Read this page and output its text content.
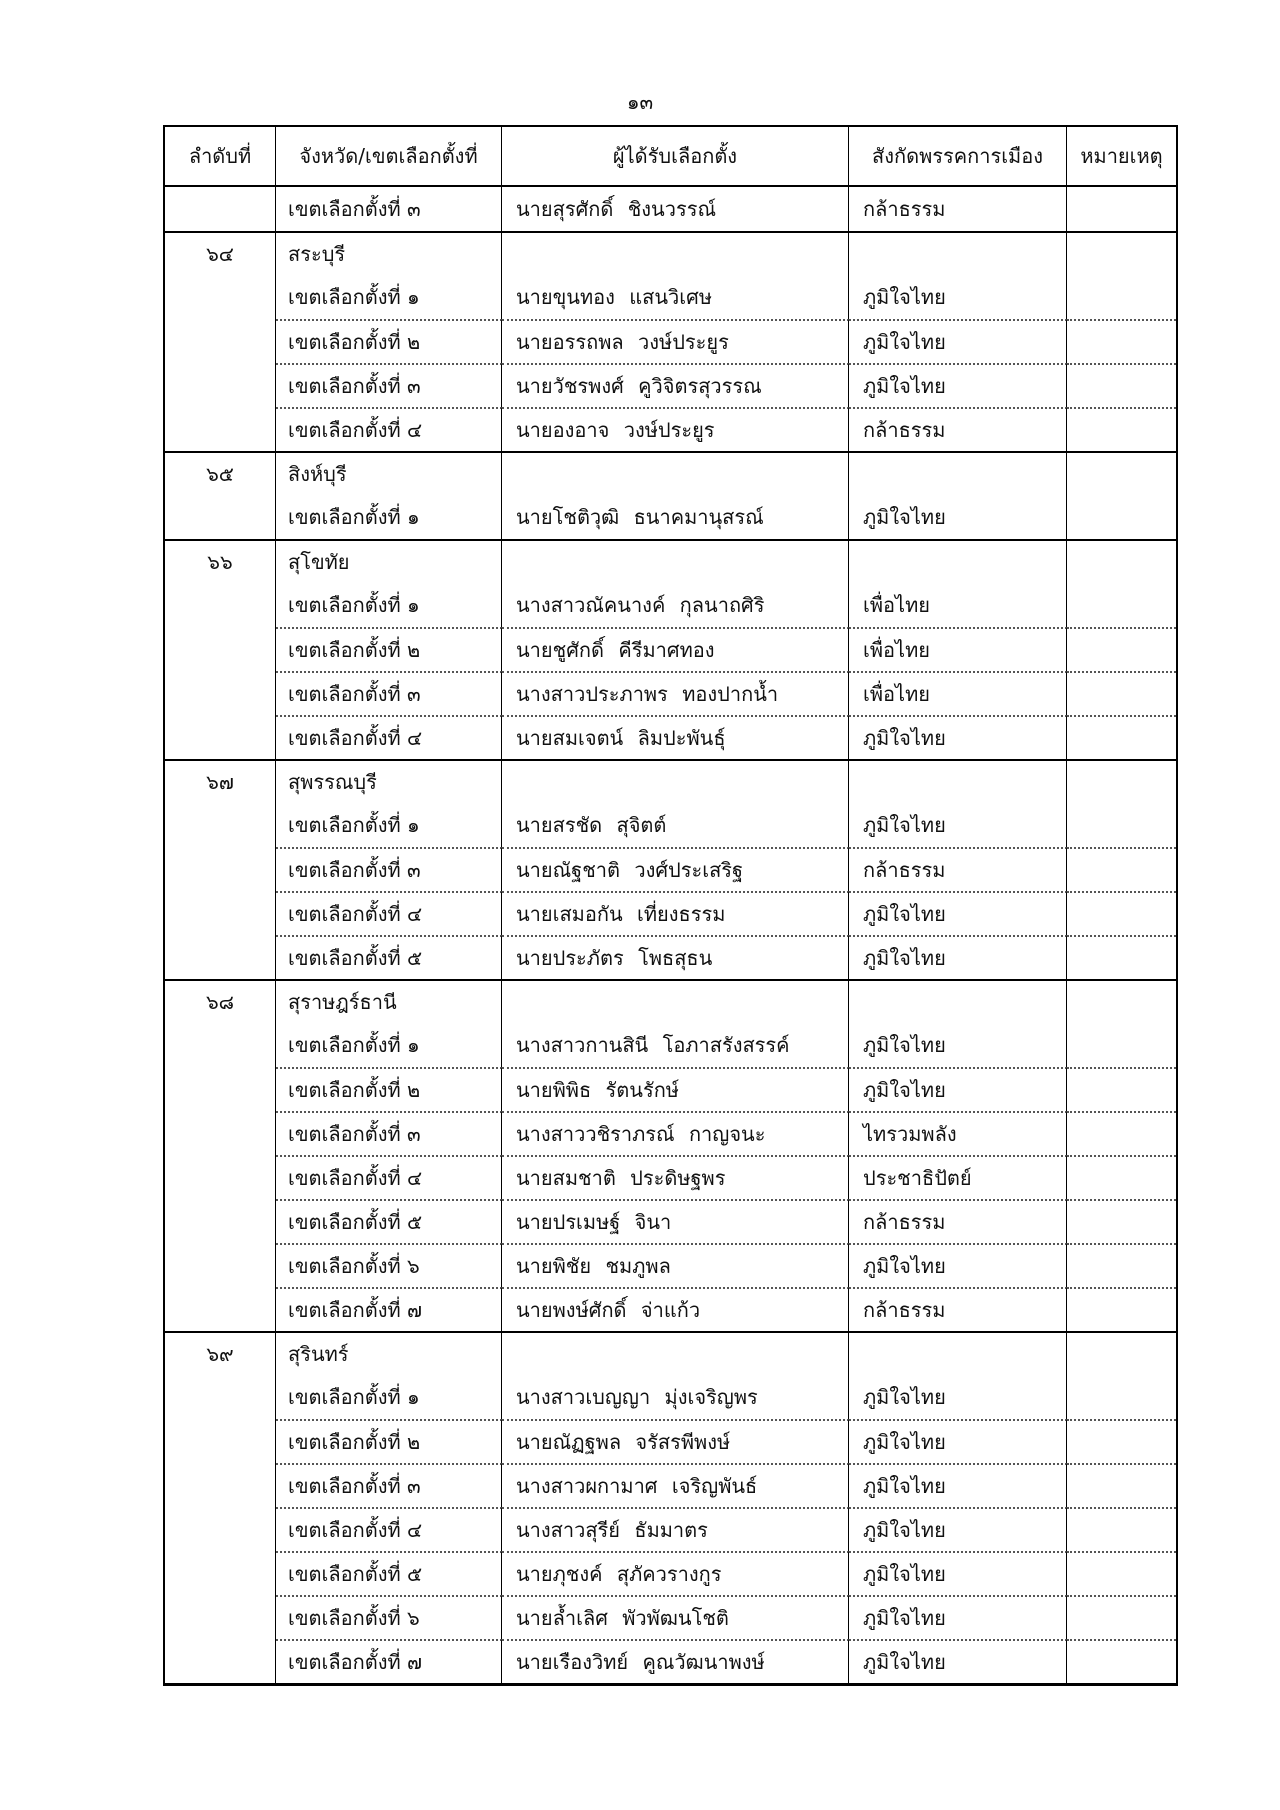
๑๓
ลำดับที่	จังหวัด/เขตเลือกตั้งที่	ผู้ได้รับเลือกตั้ง	สังกัดพรรคการเมือง	หมายเหตุ
เขตเลือกตั้งที่ ๓	นายสุรศักดิ์ ชิงนวรรณ์	กล้าธรรม
๖๔	สระบุรี
เขตเลือกตั้งที่ ๑	นายขุนทอง แสนวิเศษ	ภูมิใจไทย
เขตเลือกตั้งที่ ๒	นายอรรถพล วงษ์ประยูร	ภูมิใจไทย
เขตเลือกตั้งที่ ๓	นายวัชรพงศ์ คูวิจิตรสุวรรณ	ภูมิใจไทย
เขตเลือกตั้งที่ ๔	นายองอาจ วงษ์ประยูร	กล้าธรรม
๖๕	สิงห์บุรี
เขตเลือกตั้งที่ ๑	นายโชติวุฒิ ธนาคมานุสรณ์	ภูมิใจไทย
๖๖	สุโขทัย
เขตเลือกตั้งที่ ๑	นางสาวณัคนางค์ กุลนาถศิริ	เพื่อไทย
เขตเลือกตั้งที่ ๒	นายชูศักดิ์ คีรีมาศทอง	เพื่อไทย
เขตเลือกตั้งที่ ๓	นางสาวประภาพร ทองปากน้ำ	เพื่อไทย
เขตเลือกตั้งที่ ๔	นายสมเจตน์ ลิมปะพันธุ์	ภูมิใจไทย
๖๗	สุพรรณบุรี
เขตเลือกตั้งที่ ๑	นายสรชัด สุจิตต์	ภูมิใจไทย
เขตเลือกตั้งที่ ๓	นายณัฐชาติ วงศ์ประเสริฐ	กล้าธรรม
เขตเลือกตั้งที่ ๔	นายเสมอกัน เที่ยงธรรม	ภูมิใจไทย
เขตเลือกตั้งที่ ๕	นายประภัตร โพธสุธน	ภูมิใจไทย
๖๘	สุราษฎร์ธานี
เขตเลือกตั้งที่ ๑	นางสาวกานสินี โอภาสรังสรรค์	ภูมิใจไทย
เขตเลือกตั้งที่ ๒	นายพิพิธ รัตนรักษ์	ภูมิใจไทย
เขตเลือกตั้งที่ ๓	นางสาววชิราภรณ์ กาญจนะ	ไทรวมพลัง
เขตเลือกตั้งที่ ๔	นายสมชาติ ประดิษฐพร	ประชาธิปัตย์
เขตเลือกตั้งที่ ๕	นายปรเมษฐ์ จินา	กล้าธรรม
เขตเลือกตั้งที่ ๖	นายพิชัย ชมภูพล	ภูมิใจไทย
เขตเลือกตั้งที่ ๗	นายพงษ์ศักดิ์ จ่าแก้ว	กล้าธรรม
๖๙	สุรินทร์
เขตเลือกตั้งที่ ๑	นางสาวเบญญา มุ่งเจริญพร	ภูมิใจไทย
เขตเลือกตั้งที่ ๒	นายณัฏฐพล จรัสรพีพงษ์	ภูมิใจไทย
เขตเลือกตั้งที่ ๓	นางสาวผกามาศ เจริญพันธ์	ภูมิใจไทย
เขตเลือกตั้งที่ ๔	นางสาวสุรีย์ ธัมมาตร	ภูมิใจไทย
เขตเลือกตั้งที่ ๕	นายภุชงค์ สุภัควรางกูร	ภูมิใจไทย
เขตเลือกตั้งที่ ๖	นายล้ำเลิศ พัวพัฒนโชติ	ภูมิใจไทย
เขตเลือกตั้งที่ ๗	นายเรืองวิทย์ คูณวัฒนาพงษ์	ภูมิใจไทย
